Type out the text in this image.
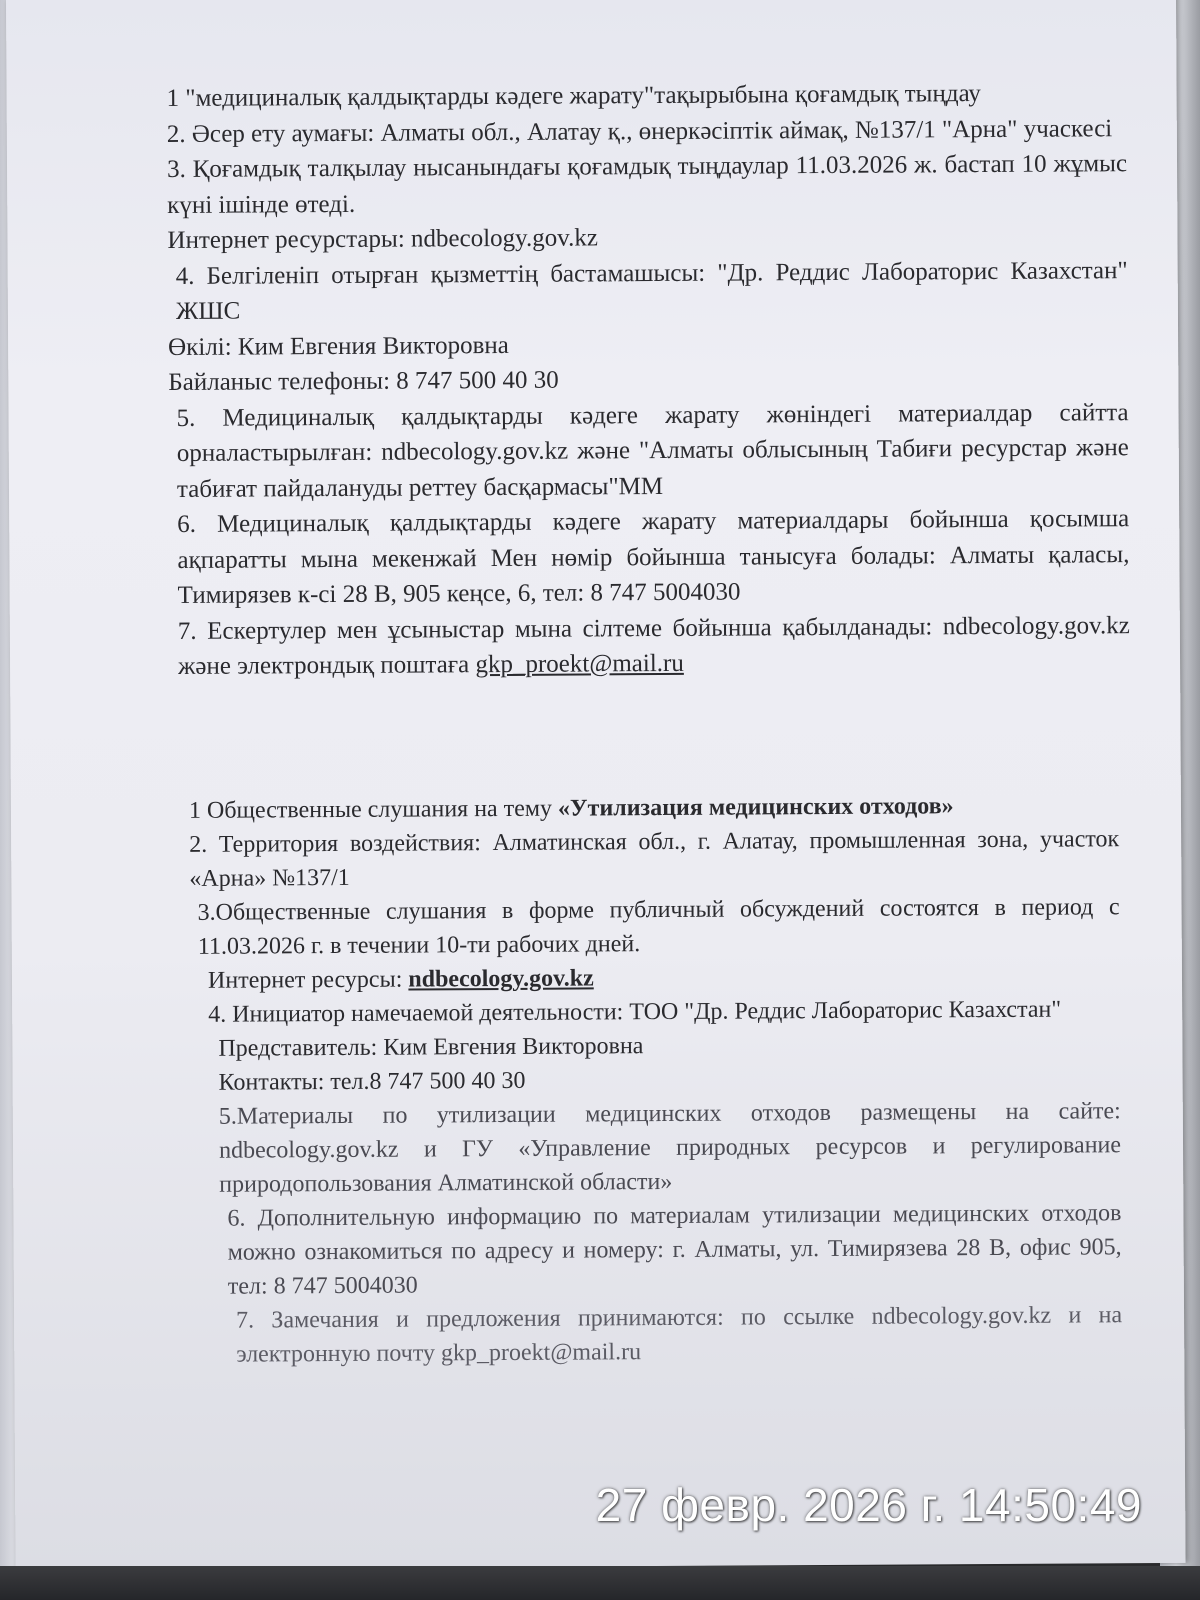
1 "медициналық қалдықтарды кәдеге жарату"тақырыбына қоғамдық тыңдау

2. Әсер ету аумағы: Алматы обл., Алатау қ., өнеркәсіптік аймақ, №137/1 "Арна" учаскесі

3. Қоғамдық талқылау нысанындағы қоғамдық тыңдаулар 11.03.2026 ж. бастап 10 жұмыс күні ішінде өтеді.

Интернет ресурстары: ndbecology.gov.kz

4. Белгіленіп отырған қызметтің бастамашысы: "Др. Реддис Лабораторис Казахстан" ЖШС

Өкілі: Ким Евгения Викторовна

Байланыс телефоны: 8 747 500 40 30

5. Медициналық қалдықтарды кәдеге жарату жөніндегі материалдар сайтта орналастырылған: ndbecology.gov.kz және "Алматы облысының Табиғи ресурстар және табиғат пайдалануды реттеу басқармасы"ММ

6. Медициналық қалдықтарды кәдеге жарату материалдары бойынша қосымша ақпаратты мына мекенжай Мен нөмір бойынша танысуға болады: Алматы қаласы, Тимирязев к-сі 28 В, 905 кеңсе, 6, тел: 8 747 5004030

7. Ескертулер мен ұсыныстар мына сілтеме бойынша қабылданады: ndbecology.gov.kz және электрондық поштаға gkp_proekt@mail.ru

1 Общественные слушания на тему «Утилизация медицинских отходов»

2. Территория воздействия: Алматинская обл., г. Алатау, промышленная зона, участок «Арна» №137/1

3.Общественные слушания в форме публичный обсуждений состоятся в период с 11.03.2026 г. в течении 10-ти рабочих дней.

Интернет ресурсы: ndbecology.gov.kz

4. Инициатор намечаемой деятельности: ТОО "Др. Реддис Лабораторис Казахстан"

Представитель: Ким Евгения Викторовна

Контакты: тел.8 747 500 40 30

5.Материалы по утилизации медицинских отходов размещены на сайте: ndbecology.gov.kz и ГУ «Управление природных ресурсов и регулирование природопользования Алматинской области»

6. Дополнительную информацию по материалам утилизации медицинских отходов можно ознакомиться по адресу и номеру: г. Алматы, ул. Тимирязева 28 В, офис 905, тел: 8 747 5004030

7. Замечания и предложения принимаются: по ссылке ndbecology.gov.kz и на электронную почту gkp_proekt@mail.ru

27 февр. 2026 г. 14:50:49
